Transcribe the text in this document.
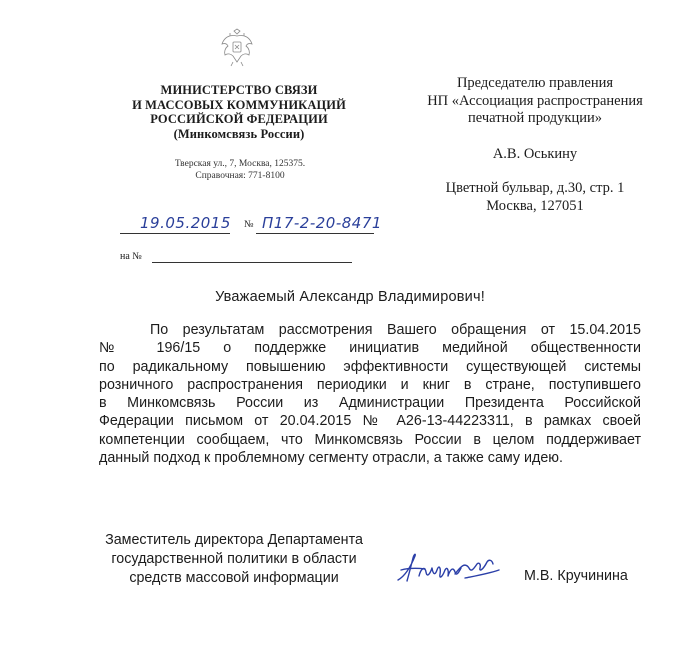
МИНИСТЕРСТВО СВЯЗИ
И МАССОВЫХ КОММУНИКАЦИЙ
РОССИЙСКОЙ ФЕДЕРАЦИИ
(Минкомсвязь России)
Тверская ул., 7, Москва, 125375.
Справочная: 771-8100
Председателю правления
НП «Ассоциация распространения
печатной продукции»
А.В. Оськину
Цветной бульвар, д.30, стр. 1
Москва, 127051
19.05.2015 № П17-2-20-8471
на №
Уважаемый Александр Владимирович!
По результатам рассмотрения Вашего обращения от 15.04.2015
№ 196/15 о поддержке инициатив медийной общественности
по радикальному повышению эффективности существующей системы
розничного распространения периодики и книг в стране, поступившего
в Минкомсвязь России из Администрации Президента Российской
Федерации письмом от 20.04.2015 № А26-13-44223311, в рамках своей
компетенции сообщаем, что Минкомсвязь России в целом поддерживает
данный подход к проблемному сегменту отрасли, а также саму идею.
Заместитель директора Департамента
государственной политики в области
средств массовой информации	М.В. Кручинина
